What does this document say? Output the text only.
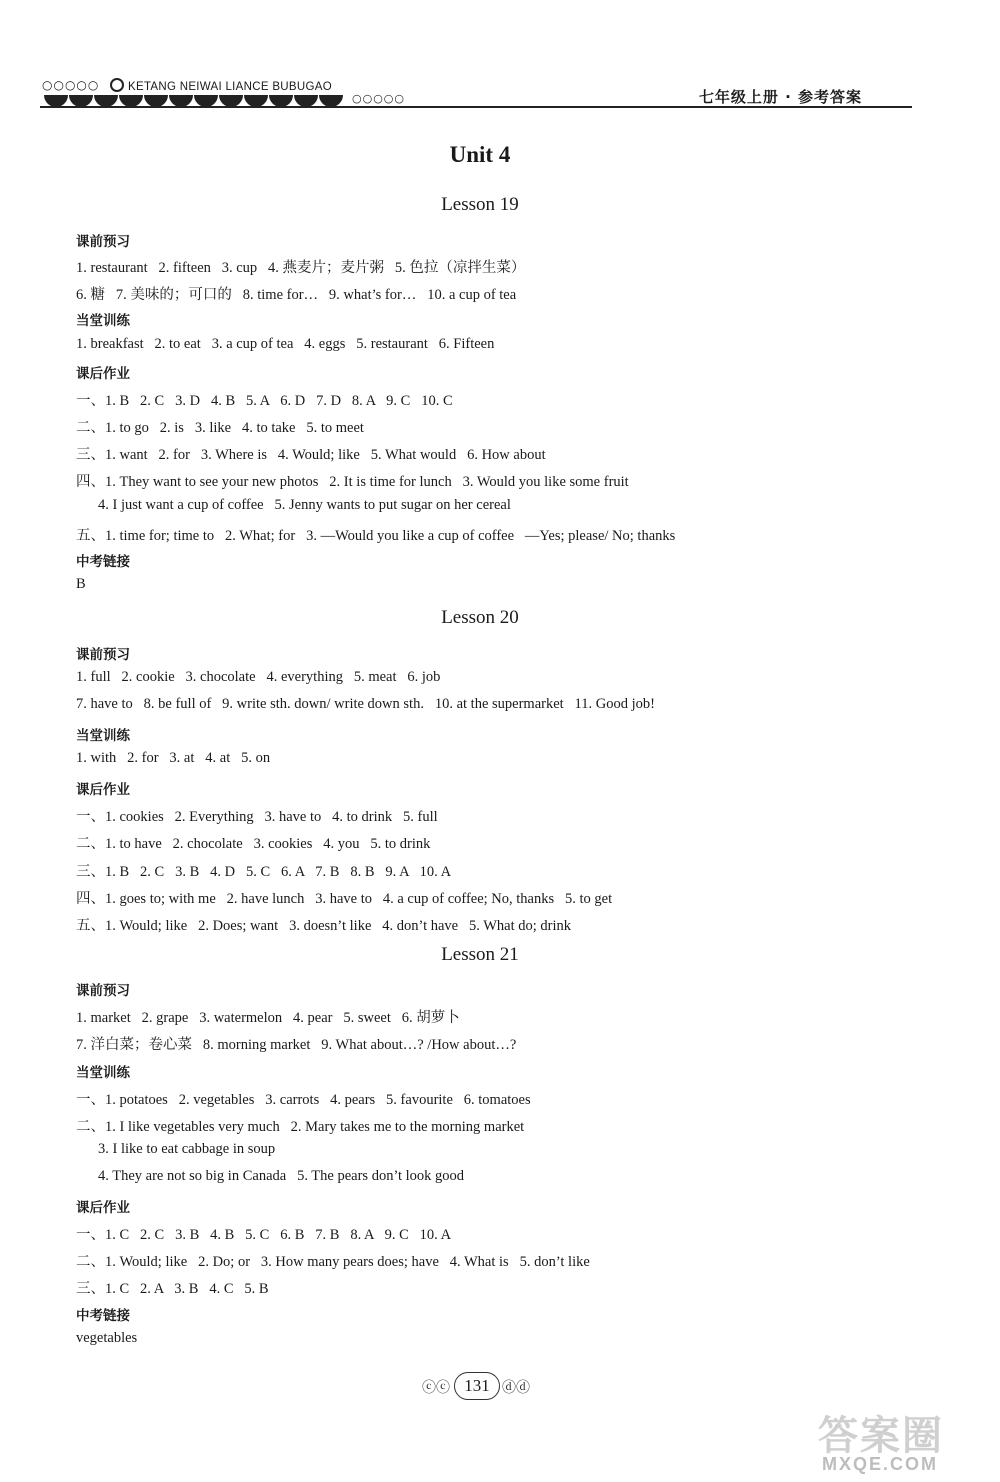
○○○○○	KETANG NEIWAI LIANCE BUBUGAO
○○○○○	七年级上册 · 参考答案
Unit 4
Lesson 19
课前预习
1. restaurant   2. fifteen   3. cup   4. 燕麦片；麦片粥   5. 色拉（凉拌生菜）
6. 糖   7. 美味的；可口的   8. time for…   9. what’s for…   10. a cup of tea
当堂训练
1. breakfast   2. to eat   3. a cup of tea   4. eggs   5. restaurant   6. Fifteen
课后作业
一、1. B   2. C   3. D   4. B   5. A   6. D   7. D   8. A   9. C   10. C
二、1. to go   2. is   3. like   4. to take   5. to meet
三、1. want   2. for   3. Where is   4. Would; like   5. What would   6. How about
四、1. They want to see your new photos   2. It is time for lunch   3. Would you like some fruit
4. I just want a cup of coffee   5. Jenny wants to put sugar on her cereal
五、1. time for; time to   2. What; for   3. —Would you like a cup of coffee   —Yes; please/ No; thanks
中考链接
B
Lesson 20
课前预习
1. full   2. cookie   3. chocolate   4. everything   5. meat   6. job
7. have to   8. be full of   9. write sth. down/ write down sth.   10. at the supermarket   11. Good job!
当堂训练
1. with   2. for   3. at   4. at   5. on
课后作业
一、1. cookies   2. Everything   3. have to   4. to drink   5. full
二、1. to have   2. chocolate   3. cookies   4. you   5. to drink
三、1. B   2. C   3. B   4. D   5. C   6. A   7. B   8. B   9. A   10. A
四、1. goes to; with me   2. have lunch   3. have to   4. a cup of coffee; No, thanks   5. to get
五、1. Would; like   2. Does; want   3. doesn’t like   4. don’t have   5. What do; drink
Lesson 21
课前预习
1. market   2. grape   3. watermelon   4. pear   5. sweet   6. 胡萝卜
7. 洋白菜；卷心菜   8. morning market   9. What about…? /How about…?
当堂训练
一、1. potatoes   2. vegetables   3. carrots   4. pears   5. favourite   6. tomatoes
二、1. I like vegetables very much   2. Mary takes me to the morning market
3. I like to eat cabbage in soup
4. They are not so big in Canada   5. The pears don’t look good
课后作业
一、1. C   2. C   3. B   4. B   5. C   6. B   7. B   8. A   9. C   10. A
二、1. Would; like   2. Do; or   3. How many pears does; have   4. What is   5. don’t like
三、1. C   2. A   3. B   4. C   5. B
中考链接
vegetables
ⓒⓒ 131 ⓓⓓ
答案圈
MXQE.COM
